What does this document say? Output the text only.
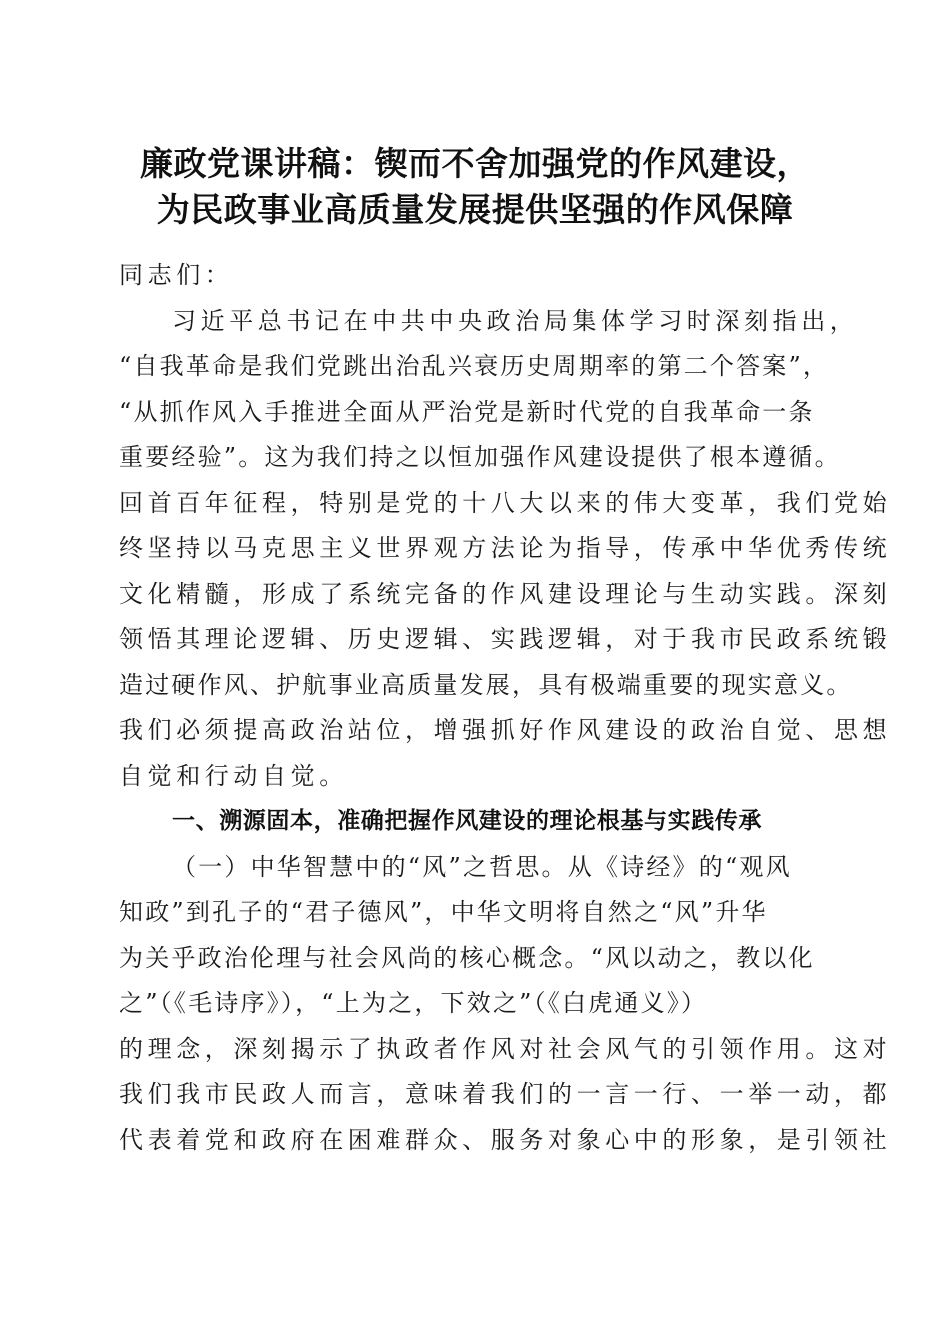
廉政党课讲稿：锲而不舍加强党的作风建设，
为民政事业高质量发展提供坚强的作风保障
同志们：
习近平总书记在中共中央政治局集体学习时深刻指出，
“自我革命是我们党跳出治乱兴衰历史周期率的第二个答案”，
“从抓作风入手推进全面从严治党是新时代党的自我革命一条
重要经验”。这为我们持之以恒加强作风建设提供了根本遵循。
回首百年征程，特别是党的十八大以来的伟大变革，我们党始
终坚持以马克思主义世界观方法论为指导，传承中华优秀传统
文化精髓，形成了系统完备的作风建设理论与生动实践。深刻
领悟其理论逻辑、历史逻辑、实践逻辑，对于我市民政系统锻
造过硬作风、护航事业高质量发展，具有极端重要的现实意义。
我们必须提高政治站位，增强抓好作风建设的政治自觉、思想
自觉和行动自觉。
一、溯源固本，准确把握作风建设的理论根基与实践传承
（一）中华智慧中的“风”之哲思。从《诗经》的“观风
知政”到孔子的“君子德风”，中华文明将自然之“风”升华
为关乎政治伦理与社会风尚的核心概念。“风以动之，教以化
之”（《毛诗序》），“上为之，下效之”（《白虎通义》）
的理念，深刻揭示了执政者作风对社会风气的引领作用。这对
我们我市民政人而言，意味着我们的一言一行、一举一动，都
代表着党和政府在困难群众、服务对象心中的形象，是引领社
